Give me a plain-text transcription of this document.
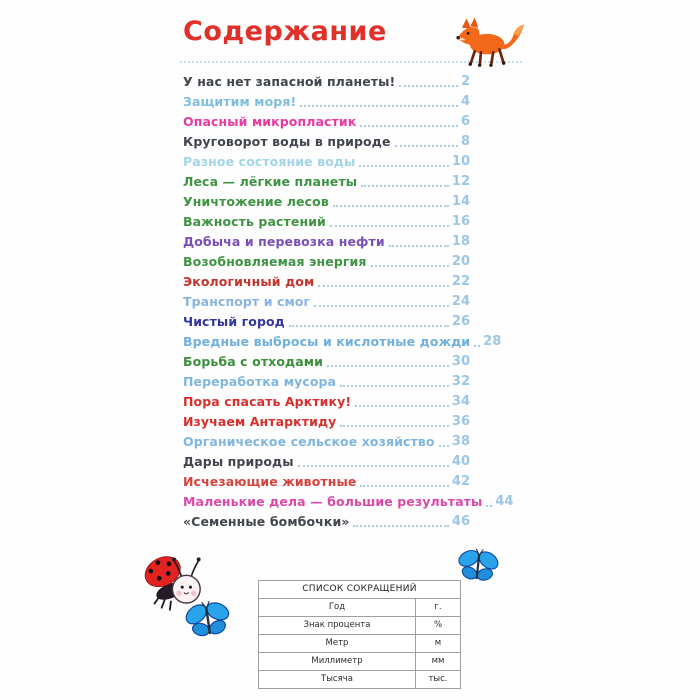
Содержание
У нас нет запасной планеты!	2
Защитим моря!	4
Опасный микропластик	6
Круговорот воды в природе	8
Разное состояние воды	10
Леса — лёгкие планеты	12
Уничтожение лесов	14
Важность растений	16
Добыча и перевозка нефти	18
Возобновляемая энергия	20
Экологичный дом	22
Транспорт и смог	24
Чистый город	26
Вредные выбросы и кислотные дожди 28
Борьба с отходами	30
Переработка мусора	32
Пора спасать Арктику!	34
Изучаем Антарктиду	36
Органическое сельское хозяйство 38
Дары природы	40
Исчезающие животные	42
Маленькие дела — большие результаты 44
«Семенные бомбочки»	46
СПИСОК СОКРАЩЕНИЙ
Год	г.
Знак процента	%
Метр	м
Миллиметр	мм
Тысяча	тыс.
